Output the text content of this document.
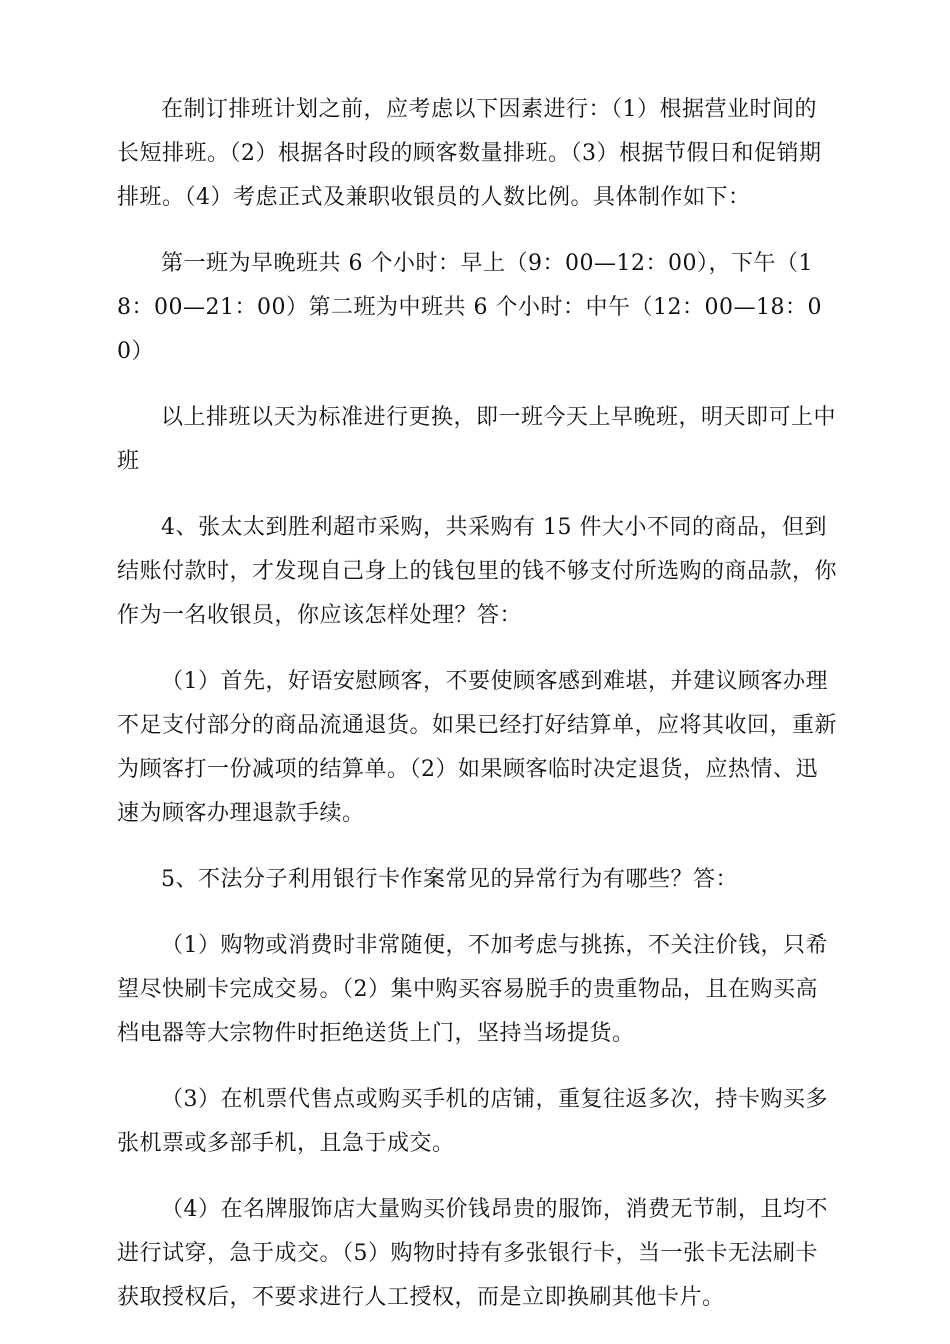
在制订排班计划之前，应考虑以下因素进行：（1）根据营业时间的长短排班。（2）根据各时段的顾客数量排班。（3）根据节假日和促销期排班。（4）考虑正式及兼职收银员的人数比例。具体制作如下：

第一班为早晚班共 6 个小时：早上（9：00—12：00），下午（18：00—21：00）第二班为中班共 6 个小时：中午（12：00—18：00）

以上排班以天为标准进行更换，即一班今天上早晚班，明天即可上中班

4、张太太到胜利超市采购，共采购有 15 件大小不同的商品，但到结账付款时，才发现自己身上的钱包里的钱不够支付所选购的商品款，你作为一名收银员，你应该怎样处理？答：

（1）首先，好语安慰顾客，不要使顾客感到难堪，并建议顾客办理不足支付部分的商品流通退货。如果已经打好结算单，应将其收回，重新为顾客打一份减项的结算单。（2）如果顾客临时决定退货，应热情、迅速为顾客办理退款手续。

5、不法分子利用银行卡作案常见的异常行为有哪些？答：

（1）购物或消费时非常随便，不加考虑与挑拣，不关注价钱，只希望尽快刷卡完成交易。（2）集中购买容易脱手的贵重物品，且在购买高档电器等大宗物件时拒绝送货上门，坚持当场提货。

（3）在机票代售点或购买手机的店铺，重复往返多次，持卡购买多张机票或多部手机，且急于成交。

（4）在名牌服饰店大量购买价钱昂贵的服饰，消费无节制，且均不进行试穿，急于成交。（5）购物时持有多张银行卡，当一张卡无法刷卡获取授权后，不要求进行人工授权，而是立即换刷其他卡片。
